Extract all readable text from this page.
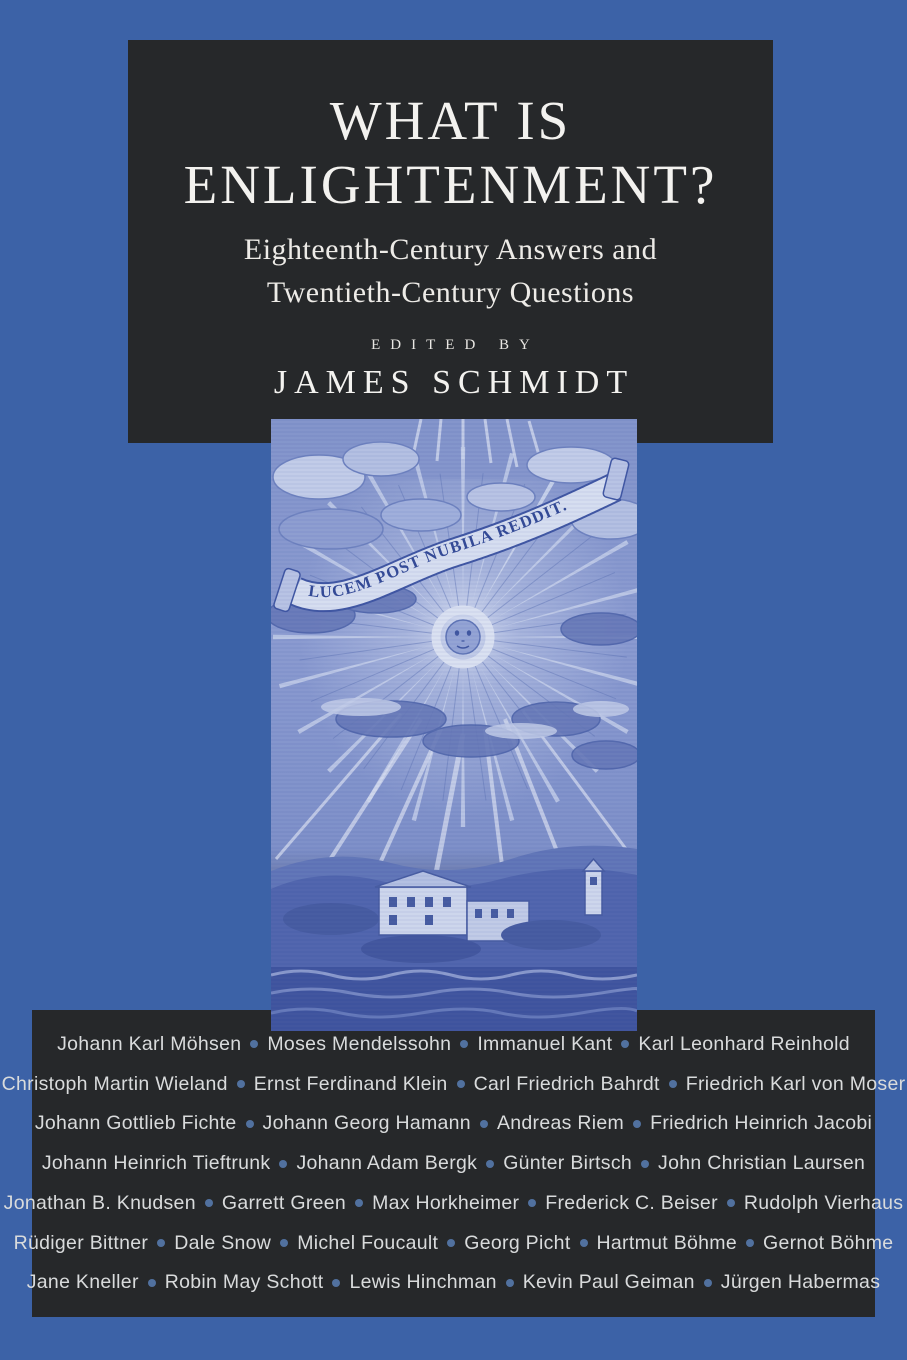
WHAT IS
ENLIGHTENMENT?
Eighteenth-Century Answers and
Twentieth-Century Questions
EDITED BY
JAMES SCHMIDT
Johann Karl Möhsen Moses Mendelssohn Immanuel Kant Karl Leonhard Reinhold
Christoph Martin Wieland Ernst Ferdinand Klein Carl Friedrich Bahrdt Friedrich Karl von Moser
Johann Gottlieb Fichte Johann Georg Hamann Andreas Riem Friedrich Heinrich Jacobi
Johann Heinrich Tieftrunk Johann Adam Bergk Günter Birtsch John Christian Laursen
Jonathan B. Knudsen Garrett Green Max Horkheimer Frederick C. Beiser Rudolph Vierhaus
Rüdiger Bittner Dale Snow Michel Foucault Georg Picht Hartmut Böhme Gernot Böhme
Jane Kneller Robin May Schott Lewis Hinchman Kevin Paul Geiman Jürgen Habermas
